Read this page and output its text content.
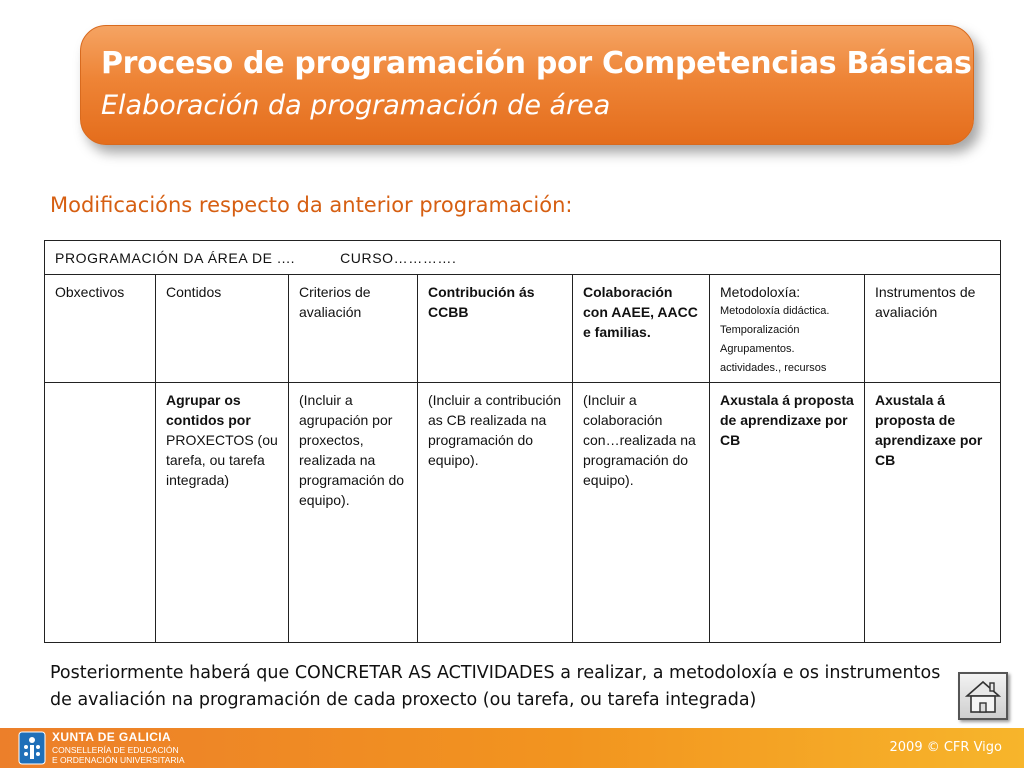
Proceso de programación por Competencias Básicas
Elaboración da programación de área
Modificacións respecto da anterior programación:
PROGRAMACIÓN DA ÁREA DE .... CURSO………….						
Obxectivos	Contidos	Criterios de avaliación	Contribución ás CCBB	Colaboración con AAEE, AACC e familias.	Metodoloxía:
Metodoloxía didáctica.
Temporalización
Agrupamentos.
actividades., recursos	Instrumentos de avaliación
	Agrupar os contidos por PROXECTOS (ou tarefa, ou tarefa integrada)	(Incluir a agrupación por proxectos, realizada na programación do equipo).	(Incluir a contribución as CB realizada na programación do equipo).	(Incluir a colaboración con…realizada na programación do equipo).	Axustala á proposta de aprendizaxe por CB	Axustala á proposta de aprendizaxe por CB
Posteriormente haberá que CONCRETAR AS ACTIVIDADES a realizar, a metodoloxía e os instrumentos de avaliación na programación de cada proxecto (ou tarefa, ou tarefa integrada)
XUNTA DE GALICIA
CONSELLERÍA DE EDUCACIÓN
E ORDENACIÓN UNIVERSITARIA
2009 © CFR Vigo
